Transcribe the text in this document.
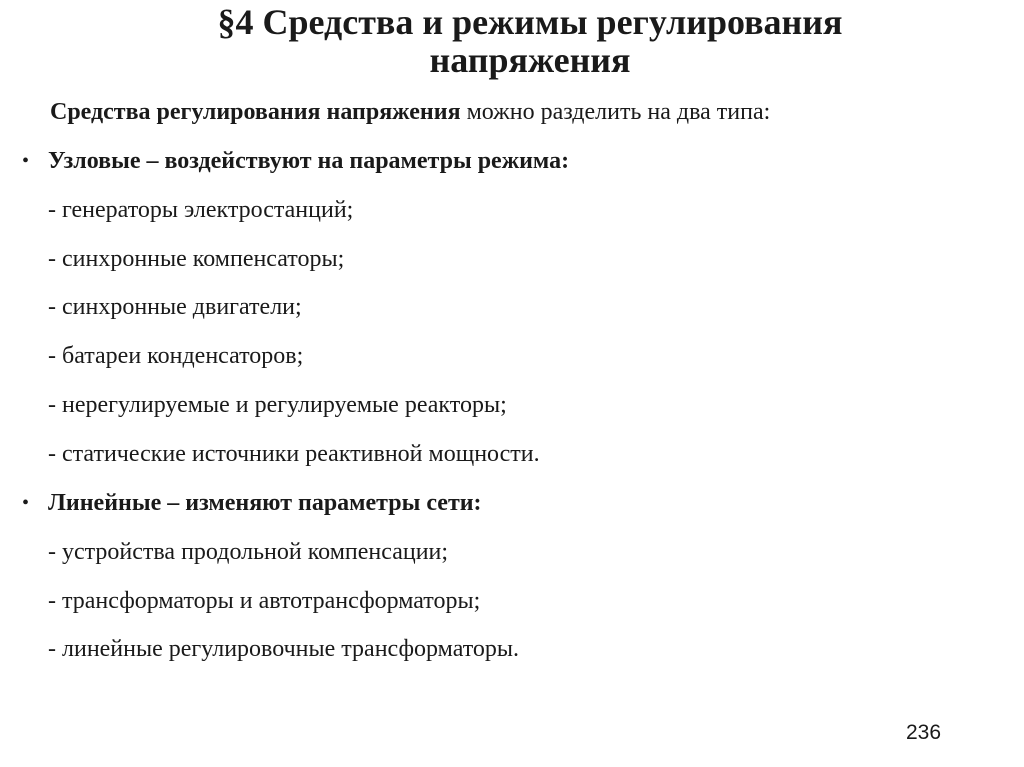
§4 Средства и режимы регулирования
напряжения
Средства регулирования напряжения можно разделить на два типа:
• Узловые – воздействуют на параметры режима:
- генераторы электростанций;
- синхронные компенсаторы;
- синхронные двигатели;
- батареи конденсаторов;
- нерегулируемые и регулируемые реакторы;
- статические источники реактивной мощности.
• Линейные – изменяют параметры сети:
- устройства продольной компенсации;
- трансформаторы и автотрансформаторы;
- линейные регулировочные трансформаторы.
236
